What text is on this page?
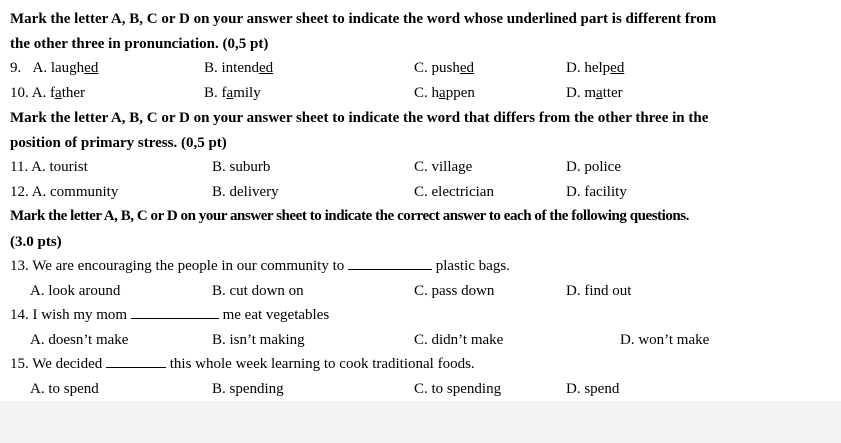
Mark the letter A, B, C or D on your answer sheet to indicate the word whose underlined part is different from
the other three in pronunciation. (0,5 pt)
9. A. laughed	B. intended	C. pushed	D. helped
10. A. father	B. family	C. happen	D. matter
Mark the letter A, B, C or D on your answer sheet to indicate the word that differs from the other three in the
position of primary stress. (0,5 pt)
11. A. tourist	B. suburb	C. village	D. police
12. A. community	B. delivery	C. electrician	D. facility
Mark the letter A, B, C or D on your answer sheet to indicate the correct answer to each of the following questions.
(3.0 pts)
13. We are encouraging the people in our community to	plastic bags.
A. look around	B. cut down on	C. pass down	D. find out
14. I wish my mom	me eat vegetables
A. doesn’t make	B. isn’t making	C. didn’t make	D. won’t make
15. We decided	this whole week learning to cook traditional foods.
A. to spend	B. spending	C. to spending	D. spend
